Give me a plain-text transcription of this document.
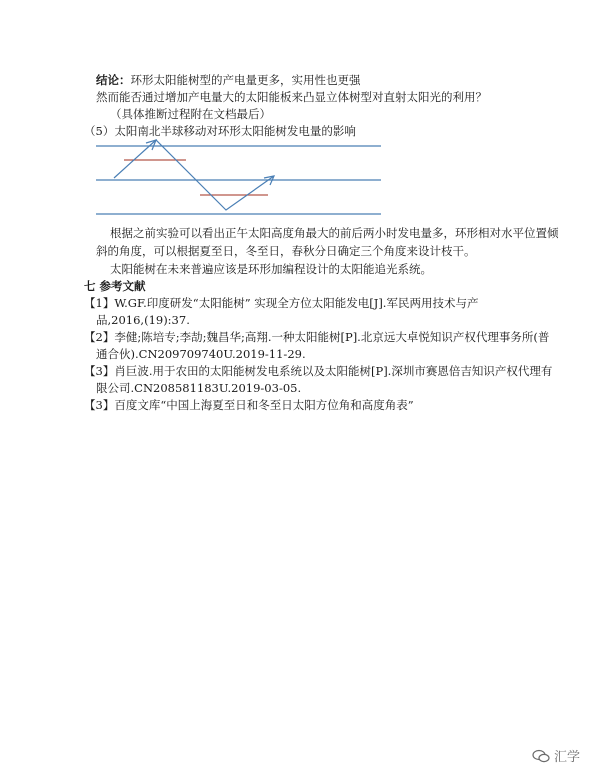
结论：环形太阳能树型的产电量更多，实用性也更强
然而能否通过增加产电量大的太阳能板来凸显立体树型对直射太阳光的利用？
（具体推断过程附在文档最后）
（5）太阳南北半球移动对环形太阳能树发电量的影响
根据之前实验可以看出正午太阳高度角最大的前后两小时发电量多，环形相对水平位置倾
斜的角度，可以根据夏至日，冬至日，春秋分日确定三个角度来设计枝干。
太阳能树在未来普遍应该是环形加编程设计的太阳能追光系统。
七 参考文献
【1】W.GF.印度研发“太阳能树” 实现全方位太阳能发电[J].军民两用技术与产
品,2016,(19):37.
【2】李健;陈培专;李劼;魏昌华;高翔.一种太阳能树[P].北京远大卓悦知识产权代理事务所(普
通合伙).CN209709740U.2019-11-29.
【3】肖巨波.用于农田的太阳能树发电系统以及太阳能树[P].深圳市赛恩倍吉知识产权代理有
限公司.CN208581183U.2019-03-05.
【3】百度文库“中国上海夏至日和冬至日太阳方位角和高度角表”
汇学
